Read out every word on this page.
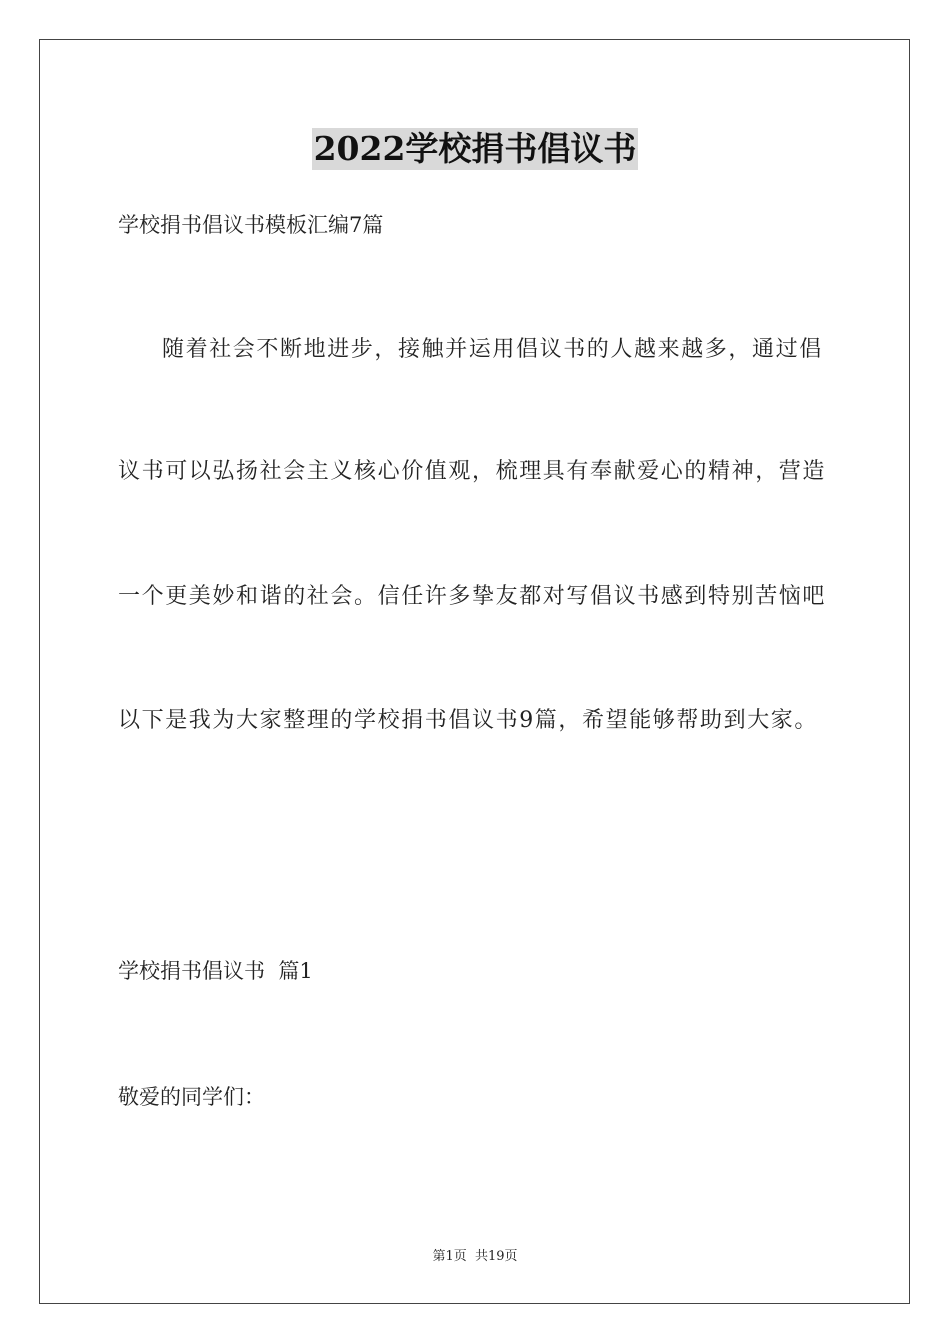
2022学校捐书倡议书
学校捐书倡议书模板汇编7篇
随着社会不断地进步，接触并运用倡议书的人越来越多，通过倡
议书可以弘扬社会主义核心价值观，梳理具有奉献爱心的精神，营造
一个更美妙和谐的社会。信任许多挚友都对写倡议书感到特别苦恼吧
以下是我为大家整理的学校捐书倡议书9篇，希望能够帮助到大家。
学校捐书倡议书  篇1
敬爱的同学们：
第1页  共19页
